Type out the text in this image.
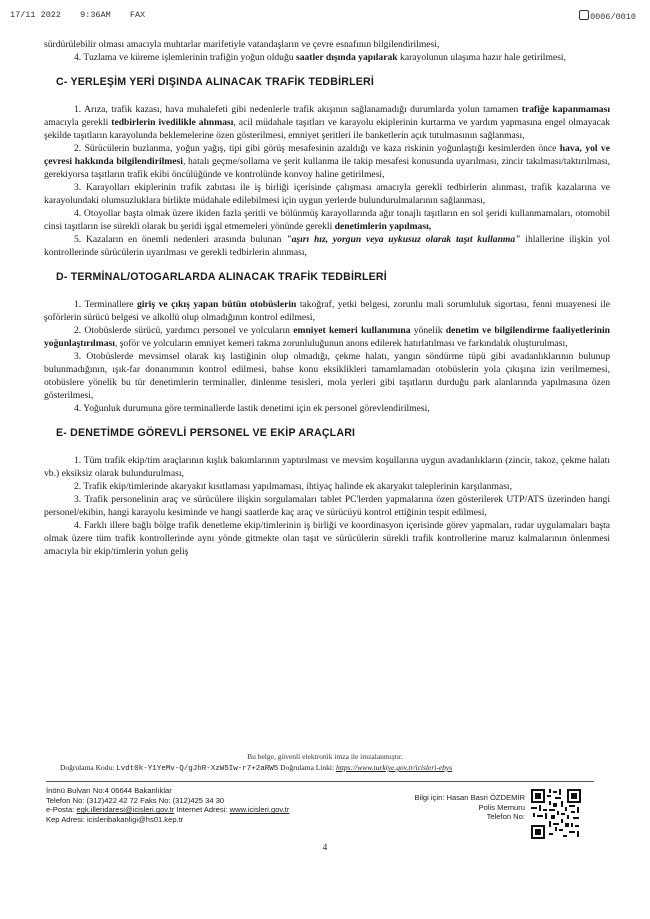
17/11 2022 9:36AM FAX	0006/0010

sürdürülebilir olması amacıyla muhtarlar marifetiyle vatandaşların ve çevre esnafının bilgilendirilmesi,

4. Tuzlama ve küreme işlemlerinin trafiğin yoğun olduğu saatler dışında yapılarak karayolunun ulaşıma hazır hale getirilmesi,

C- YERLEŞİM YERİ DIŞINDA ALINACAK TRAFİK TEDBİRLERİ

1. Arıza, trafik kazası, hava muhalefeti gibi nedenlerle trafik akışının sağlanamadığı durumlarda yolun tamamen trafiğe kapanmaması amacıyla gerekli tedbirlerin ivedilikle alınması, acil müdahale taşıtları ve karayolu ekiplerinin kurtarma ve yardım yapmasına engel olmayacak şekilde taşıtların karayolunda beklemelerine özen gösterilmesi, emniyet şeritleri ile banketlerin açık tutulmasının sağlanması,

2. Sürücülerin buzlanma, yoğun yağış, tipi gibi görüş mesafesinin azaldığı ve kaza riskinin yoğunlaştığı kesimlerden önce hava, yol ve çevresi hakkında bilgilendirilmesi, hatalı geçme/sollama ve şerit kullanma ile takip mesafesi konusunda uyarılması, zincir takılması/taktırılması, gerekiyorsa taşıtların trafik ekibi öncülüğünde ve kontrolünde konvoy haline getirilmesi,

3. Karayolları ekiplerinin trafik zabıtası ile iş birliği içerisinde çalışması amacıyla gerekli tedbirlerin alınması, trafik kazalarına ve karayolundaki olumsuzluklara birlikte müdahale edilebilmesi için uygun yerlerde bulundurulmalarının sağlanması,

4. Otoyollar başta olmak üzere ikiden fazla şeritli ve bölünmüş karayollarında ağır tonajlı taşıtların en sol şeridi kullanmamaları, otomobil cinsi taşıtların ise sürekli olarak bu şeridi işgal etmemeleri yönünde gerekli denetimlerin yapılması,

5. Kazaların en önemli nedenleri arasında bulunan "aşırı hız, yorgun veya uykusuz olarak taşıt kullanma" ihlallerine ilişkin yol kontrollerinde sürücülerin uyarılması ve gerekli tedbirlerin alınması,

D- TERMİNAL/OTOGARLARDA ALINACAK TRAFİK TEDBİRLERİ

1. Terminallere giriş ve çıkış yapan bütün otobüslerin takoğraf, yetki belgesi, zorunlu mali sorumluluk sigortası, fenni muayenesi ile şoförlerin sürücü belgesi ve alkollü olup olmadığının kontrol edilmesi,

2. Otobüslerde sürücü, yardımcı personel ve yolcuların emniyet kemeri kullanımına yönelik denetim ve bilgilendirme faaliyetlerinin yoğunlaştırılması, şoför ve yolcuların emniyet kemeri takma zorunluluğunun anons edilerek hatırlatılması ve farkındalık oluşturulması,

3. Otobüslerde mevsimsel olarak kış lastiğinin olup olmadığı, çekme halatı, yangın söndürme tüpü gibi avadanlıklarının bulunup bulunmadığının, ışık-far donanımının kontrol edilmesi, bahse konu eksiklikleri tamamlamadan otobüslerin yola çıkışına izin verilmemesi, otobüslere yönelik bu tür denetimlerin terminaller, dinlenme tesisleri, mola yerleri gibi taşıtların durduğu park alanlarında yapılmasına özen gösterilmesi,

4. Yoğunluk durumuna göre terminallerde lastik denetimi için ek personel görevlendirilmesi,

E- DENETİMDE GÖREVLİ PERSONEL VE EKİP ARAÇLARI

1. Tüm trafik ekip/tim araçlarının kışlık bakımlarının yaptırılması ve mevsim koşullarına uygun avadanlıkların (zincir, takoz, çekme halatı vb.) eksiksiz olarak bulundurulması,

2. Trafik ekip/timlerinde akaryakıt kısıtlaması yapılmaması, ihtiyaç halinde ek akaryakıt taleplerinin karşılanması,

3. Trafik personelinin araç ve sürücülere ilişkin sorgulamaları tablet PC'lerden yapmalarına özen gösterilerek UTP/ATS üzerinden hangi personel/ekibin, hangi karayolu kesiminde ve hangi saatlerde kaç araç ve sürücüyü kontrol ettiğinin tespit edilmesi,

4. Farklı illere bağlı bölge trafik denetleme ekip/timlerinin iş birliği ve koordinasyon içerisinde görev yapmaları, radar uygulamaları başta olmak üzere tüm trafik kontrollerinde aynı yönde gitmekte olan taşıt ve sürücülerin sürekli trafik kontrollerine maruz kalmalarının önlenmesi amacıyla bir ekip/timlerin yolun geliş

Bu belge, güvenli elektronik imza ile imzalanmıştır.
Doğrulama Kodu: Lvdt0k-Y1YeMv-Q/gJhR-XzW5Iw-r7+2aRW5 Doğrulama Linki: https://www.turkiye.gov.tr/icisleri-ebys
İnönü Bulvarı No:4 06644 Bakanlıklar
Telefon No: (312)422 42 72 Faks No: (312)425 34 30
e-Posta: egk.illeridaresi@icisleri.gov.tr Internet Adresi: www.icisleri.gov.tr
Kep Adresi: icisleribakanligi@hs01.kep.tr
Bilgi için: Hasan Basri ÖZDEMİR
Polis Memuru
Telefon No:
4
